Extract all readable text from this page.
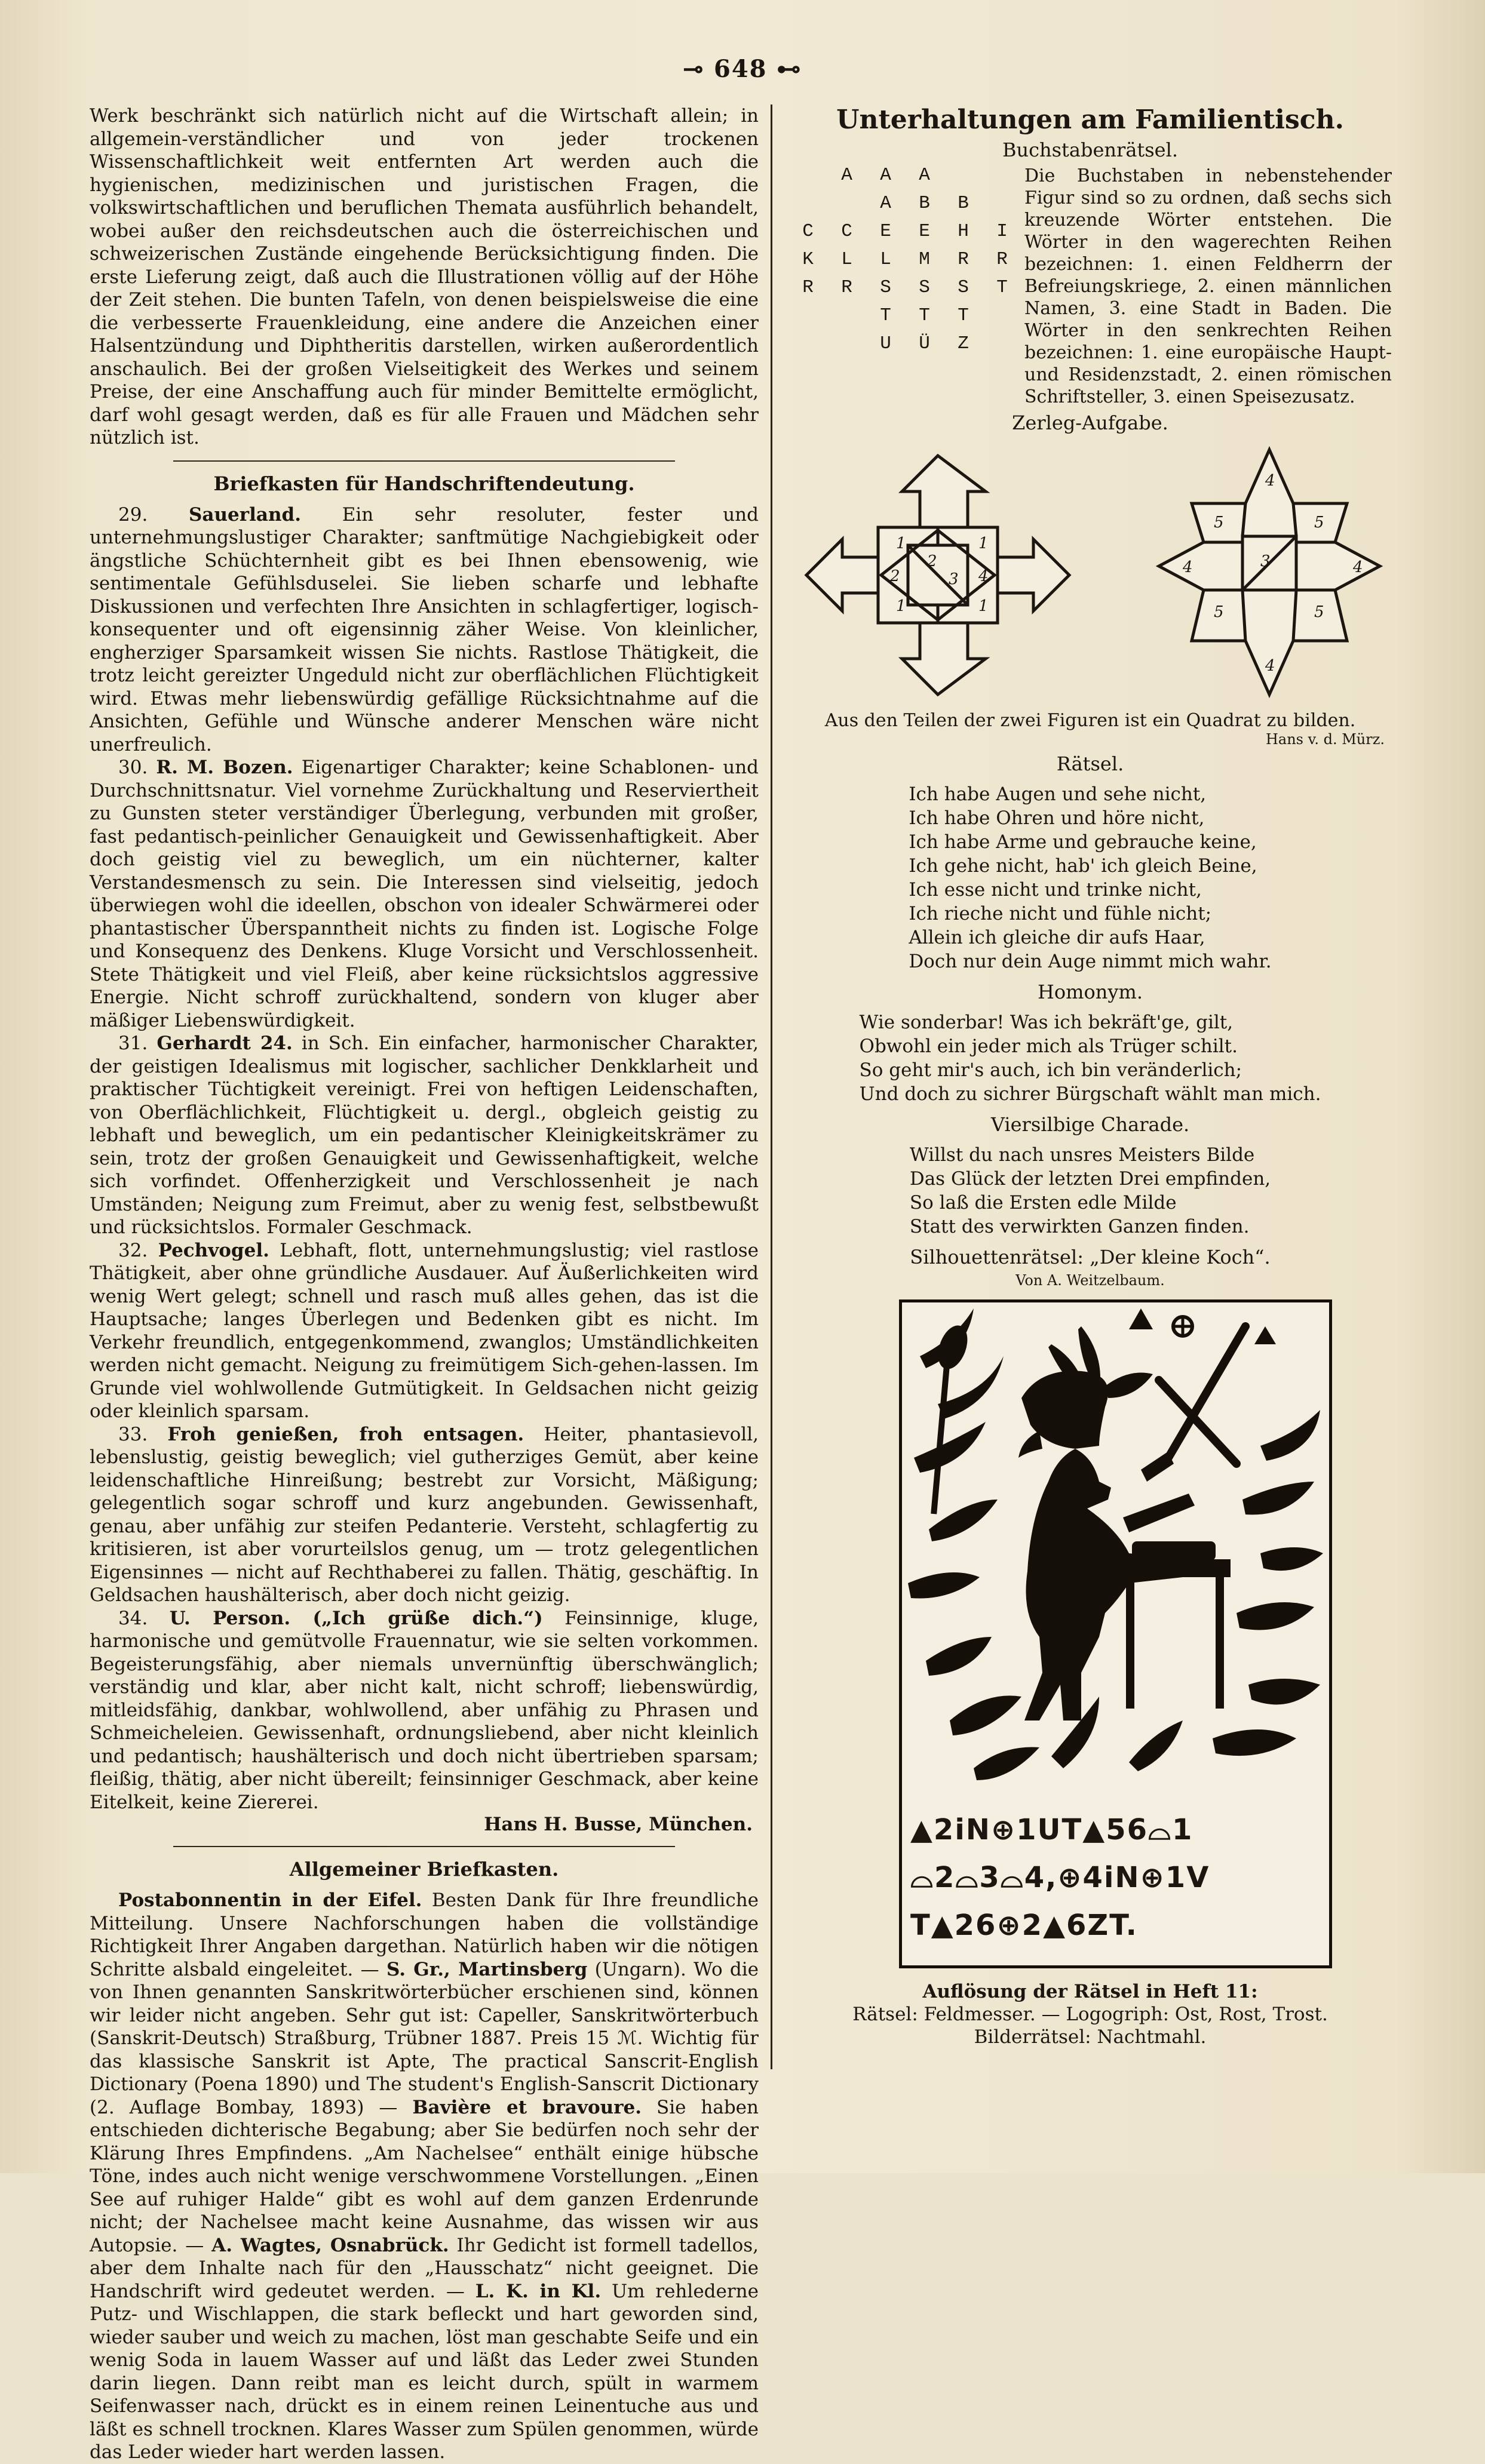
⊸ 648 ⊷

Werk beschränkt sich natürlich nicht auf die Wirtschaft allein; in allgemein-verständlicher und von jeder trockenen Wissenschaftlichkeit weit entfernten Art werden auch die hygienischen, medizinischen und juristischen Fragen, die volkswirtschaftlichen und beruflichen Themata ausführlich behandelt, wobei außer den reichsdeutschen auch die österreichischen und schweizerischen Zustände eingehende Berücksichtigung finden. Die erste Lieferung zeigt, daß auch die Illustrationen völlig auf der Höhe der Zeit stehen. Die bunten Tafeln, von denen beispielsweise die eine die verbesserte Frauenkleidung, eine andere die Anzeichen einer Halsentzündung und Diphtheritis darstellen, wirken außerordentlich anschaulich. Bei der großen Vielseitigkeit des Werkes und seinem Preise, der eine Anschaffung auch für minder Bemittelte ermöglicht, darf wohl gesagt werden, daß es für alle Frauen und Mädchen sehr nützlich ist.

Briefkasten für Handschriftendeutung.

29. Sauerland. Ein sehr resoluter, fester und unternehmungslustiger Charakter; sanftmütige Nachgiebigkeit oder ängstliche Schüchternheit gibt es bei Ihnen ebensowenig, wie sentimentale Gefühlsduselei. Sie lieben scharfe und lebhafte Diskussionen und verfechten Ihre Ansichten in schlagfertiger, logisch-konsequenter und oft eigensinnig zäher Weise. Von kleinlicher, engherziger Sparsamkeit wissen Sie nichts. Rastlose Thätigkeit, die trotz leicht gereizter Ungeduld nicht zur oberflächlichen Flüchtigkeit wird. Etwas mehr liebenswürdig gefällige Rücksichtnahme auf die Ansichten, Gefühle und Wünsche anderer Menschen wäre nicht unerfreulich.

30. R. M. Bozen. Eigenartiger Charakter; keine Schablonen- und Durchschnittsnatur. Viel vornehme Zurückhaltung und Reserviertheit zu Gunsten steter verständiger Überlegung, verbunden mit großer, fast pedantisch-peinlicher Genauigkeit und Gewissenhaftigkeit. Aber doch geistig viel zu beweglich, um ein nüchterner, kalter Verstandesmensch zu sein. Die Interessen sind vielseitig, jedoch überwiegen wohl die ideellen, obschon von idealer Schwärmerei oder phantastischer Überspanntheit nichts zu finden ist. Logische Folge und Konsequenz des Denkens. Kluge Vorsicht und Verschlossenheit. Stete Thätigkeit und viel Fleiß, aber keine rücksichtslos aggressive Energie. Nicht schroff zurückhaltend, sondern von kluger aber mäßiger Liebenswürdigkeit.

31. Gerhardt 24. in Sch. Ein einfacher, harmonischer Charakter, der geistigen Idealismus mit logischer, sachlicher Denkklarheit und praktischer Tüchtigkeit vereinigt. Frei von heftigen Leidenschaften, von Oberflächlichkeit, Flüchtigkeit u. dergl., obgleich geistig zu lebhaft und beweglich, um ein pedantischer Kleinigkeitskrämer zu sein, trotz der großen Genauigkeit und Gewissenhaftigkeit, welche sich vorfindet. Offenherzigkeit und Verschlossenheit je nach Umständen; Neigung zum Freimut, aber zu wenig fest, selbstbewußt und rücksichtslos. Formaler Geschmack.

32. Pechvogel. Lebhaft, flott, unternehmungslustig; viel rastlose Thätigkeit, aber ohne gründliche Ausdauer. Auf Äußerlichkeiten wird wenig Wert gelegt; schnell und rasch muß alles gehen, das ist die Hauptsache; langes Überlegen und Bedenken gibt es nicht. Im Verkehr freundlich, entgegenkommend, zwanglos; Umständlichkeiten werden nicht gemacht. Neigung zu freimütigem Sich-gehen-lassen. Im Grunde viel wohlwollende Gutmütigkeit. In Geldsachen nicht geizig oder kleinlich sparsam.

33. Froh genießen, froh entsagen. Heiter, phantasievoll, lebenslustig, geistig beweglich; viel gutherziges Gemüt, aber keine leidenschaftliche Hinreißung; bestrebt zur Vorsicht, Mäßigung; gelegentlich sogar schroff und kurz angebunden. Gewissenhaft, genau, aber unfähig zur steifen Pedanterie. Versteht, schlagfertig zu kritisieren, ist aber vorurteilslos genug, um — trotz gelegentlichen Eigensinnes — nicht auf Rechthaberei zu fallen. Thätig, geschäftig. In Geldsachen haushälterisch, aber doch nicht geizig.

34. U. Person. („Ich grüße dich.“) Feinsinnige, kluge, harmonische und gemütvolle Frauennatur, wie sie selten vorkommen. Begeisterungsfähig, aber niemals unvernünftig überschwänglich; verständig und klar, aber nicht kalt, nicht schroff; liebenswürdig, mitleidsfähig, dankbar, wohlwollend, aber unfähig zu Phrasen und Schmeicheleien. Gewissenhaft, ordnungsliebend, aber nicht kleinlich und pedantisch; haushälterisch und doch nicht übertrieben sparsam; fleißig, thätig, aber nicht übereilt; feinsinniger Geschmack, aber keine Eitelkeit, keine Ziererei.

Hans H. Busse, München.
Allgemeiner Briefkasten.

Postabonnentin in der Eifel. Besten Dank für Ihre freundliche Mitteilung. Unsere Nachforschungen haben die vollständige Richtigkeit Ihrer Angaben dargethan. Natürlich haben wir die nötigen Schritte alsbald eingeleitet. — S. Gr., Martinsberg (Ungarn). Wo die von Ihnen genannten Sanskritwörterbücher erschienen sind, können wir leider nicht angeben. Sehr gut ist: Capeller, Sanskritwörterbuch (Sanskrit-Deutsch) Straßburg, Trübner 1887. Preis 15 ℳ. Wichtig für das klassische Sanskrit ist Apte, The practical Sanscrit-English Dictionary (Poena 1890) und The student's English-Sanscrit Dictionary (2. Auflage Bombay, 1893) — Bavière et bravoure. Sie haben entschieden dichterische Begabung; aber Sie bedürfen noch sehr der Klärung Ihres Empfindens. „Am Nachelsee“ enthält einige hübsche Töne, indes auch nicht wenige verschwommene Vorstellungen. „Einen See auf ruhiger Halde“ gibt es wohl auf dem ganzen Erdenrunde nicht; der Nachelsee macht keine Ausnahme, das wissen wir aus Autopsie. — A. Wagtes, Osnabrück. Ihr Gedicht ist formell tadellos, aber dem Inhalte nach für den „Hausschatz“ nicht geeignet. Die Handschrift wird gedeutet werden. — L. K. in Kl. Um rehlederne Putz- und Wischlappen, die stark befleckt und hart geworden sind, wieder sauber und weich zu machen, löst man geschabte Seife und ein wenig Soda in lauem Wasser auf und läßt das Leder zwei Stunden darin liegen. Dann reibt man es leicht durch, spült in warmem Seifenwasser nach, drückt es in einem reinen Leinentuche aus und läßt es schnell trocknen. Klares Wasser zum Spülen genommen, würde das Leder wieder hart werden lassen.

Unterhaltungen am Familientisch.
Buchstabenrätsel.
A	A	A
A	B	B
C	C	E	E	H	I
K	L	L	M	R	R
R	R	S	S	S	T
T	T	T
U	Ü	Z
Die Buchstaben in nebenstehender Figur sind so zu ordnen, daß sechs sich kreuzende Wörter entstehen. Die Wörter in den wagerechten Reihen bezeichnen: 1. einen Feldherrn der Befreiungskriege, 2. einen männlichen Namen, 3. eine Stadt in Baden. Die Wörter in den senkrechten Reihen bezeichnen: 1. eine europäische Haupt- und Residenzstadt, 2. einen römischen Schriftsteller, 3. einen Speisezusatz.
Zerleg-Aufgabe.
2
3
2	4
1	1
1	1
4
5	5
3
4	4
5	5
4
Aus den Teilen der zwei Figuren ist ein Quadrat zu bilden.
Hans v. d. Mürz.
Rätsel.
Ich habe Augen und sehe nicht,
Ich habe Ohren und höre nicht,
Ich habe Arme und gebrauche keine,
Ich gehe nicht, hab' ich gleich Beine,
Ich esse nicht und trinke nicht,
Ich rieche nicht und fühle nicht;
Allein ich gleiche dir aufs Haar,
Doch nur dein Auge nimmt mich wahr.
Homonym.
Wie sonderbar! Was ich bekräft'ge, gilt,
Obwohl ein jeder mich als Trüger schilt.
So geht mir's auch, ich bin veränderlich;
Und doch zu sichrer Bürgschaft wählt man mich.
Viersilbige Charade.
Willst du nach unsres Meisters Bilde
Das Glück der letzten Drei empfinden,
So laß die Ersten edle Milde
Statt des verwirkten Ganzen finden.
Silhouettenrätsel: „Der kleine Koch“.
Von A. Weitzelbaum.
▲2iN⊕1UT▲56⌓1
⌓2⌓3⌓4,⊕4iN⊕1V
T▲26⊕2▲6ZT.
Auflösung der Rätsel in Heft 11:
Rätsel: Feldmesser. — Logogriph: Ost, Rost, Trost.
Bilderrätsel: Nachtmahl.
